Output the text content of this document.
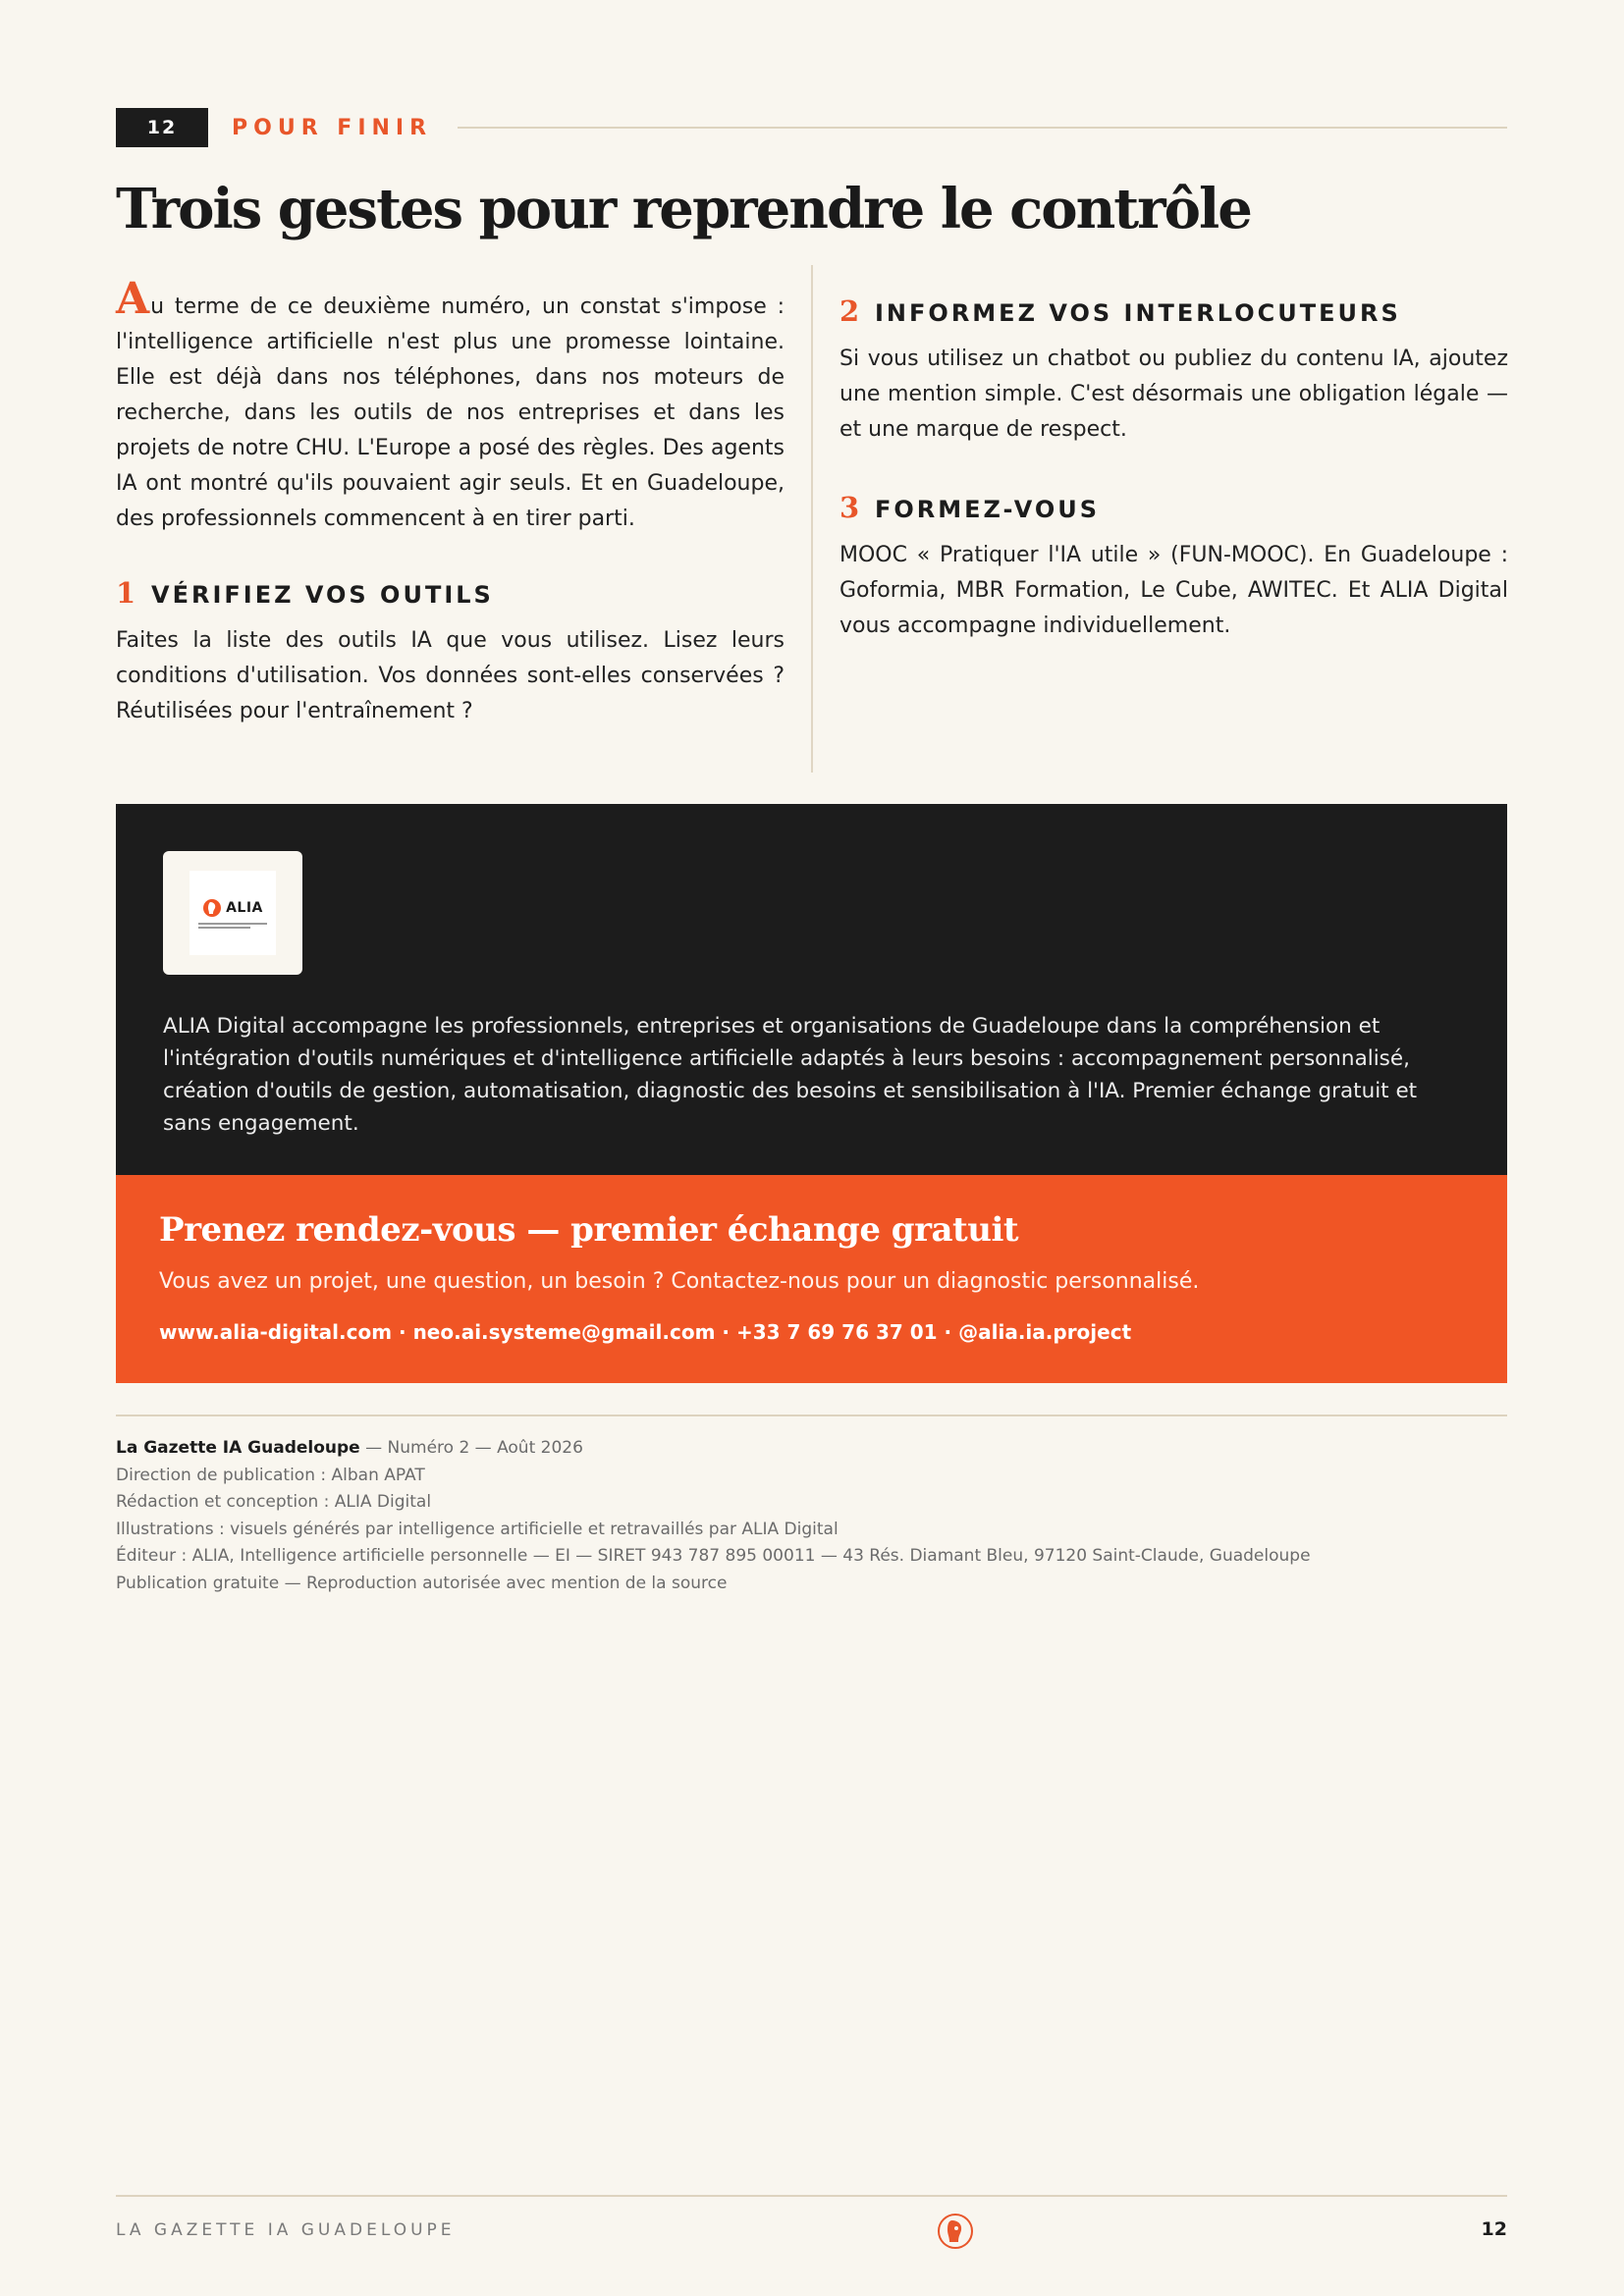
12	POUR FINIR
Trois gestes pour reprendre le contrôle

Au terme de ce deuxième numéro, un constat s'impose : l'intelligence artificielle n'est plus une promesse lointaine. Elle est déjà dans nos téléphones, dans nos moteurs de recherche, dans les outils de nos entreprises et dans les projets de notre CHU. L'Europe a posé des règles. Des agents IA ont montré qu'ils pouvaient agir seuls. Et en Guadeloupe, des professionnels commencent à en tirer parti.

1 VÉRIFIEZ VOS OUTILS

Faites la liste des outils IA que vous utilisez. Lisez leurs conditions d'utilisation. Vos données sont-elles conservées ? Réutilisées pour l'entraînement ?

2 INFORMEZ VOS INTERLOCUTEURS

Si vous utilisez un chatbot ou publiez du contenu IA, ajoutez une mention simple. C'est désormais une obligation légale — et une marque de respect.

3 FORMEZ-VOUS

MOOC « Pratiquer l'IA utile » (FUN-MOOC). En Guadeloupe : Goformia, MBR Formation, Le Cube, AWITEC. Et ALIA Digital vous accompagne individuellement.

ALIA

ALIA Digital accompagne les professionnels, entreprises et organisations de Guadeloupe dans la compréhension et l'intégration d'outils numériques et d'intelligence artificielle adaptés à leurs besoins : accompagnement personnalisé, création d'outils de gestion, automatisation, diagnostic des besoins et sensibilisation à l'IA. Premier échange gratuit et sans engagement.

Prenez rendez-vous — premier échange gratuit

Vous avez un projet, une question, un besoin ? Contactez-nous pour un diagnostic personnalisé.

www.alia-digital.com · neo.ai.systeme@gmail.com · +33 7 69 76 37 01 · @alia.ia.project

La Gazette IA Guadeloupe — Numéro 2 — Août 2026

Direction de publication : Alban APAT

Rédaction et conception : ALIA Digital

Illustrations : visuels générés par intelligence artificielle et retravaillés par ALIA Digital

Éditeur : ALIA, Intelligence artificielle personnelle — EI — SIRET 943 787 895 00011 — 43 Rés. Diamant Bleu, 97120 Saint-Claude, Guadeloupe

Publication gratuite — Reproduction autorisée avec mention de la source

LA GAZETTE IA GUADELOUPE	12
